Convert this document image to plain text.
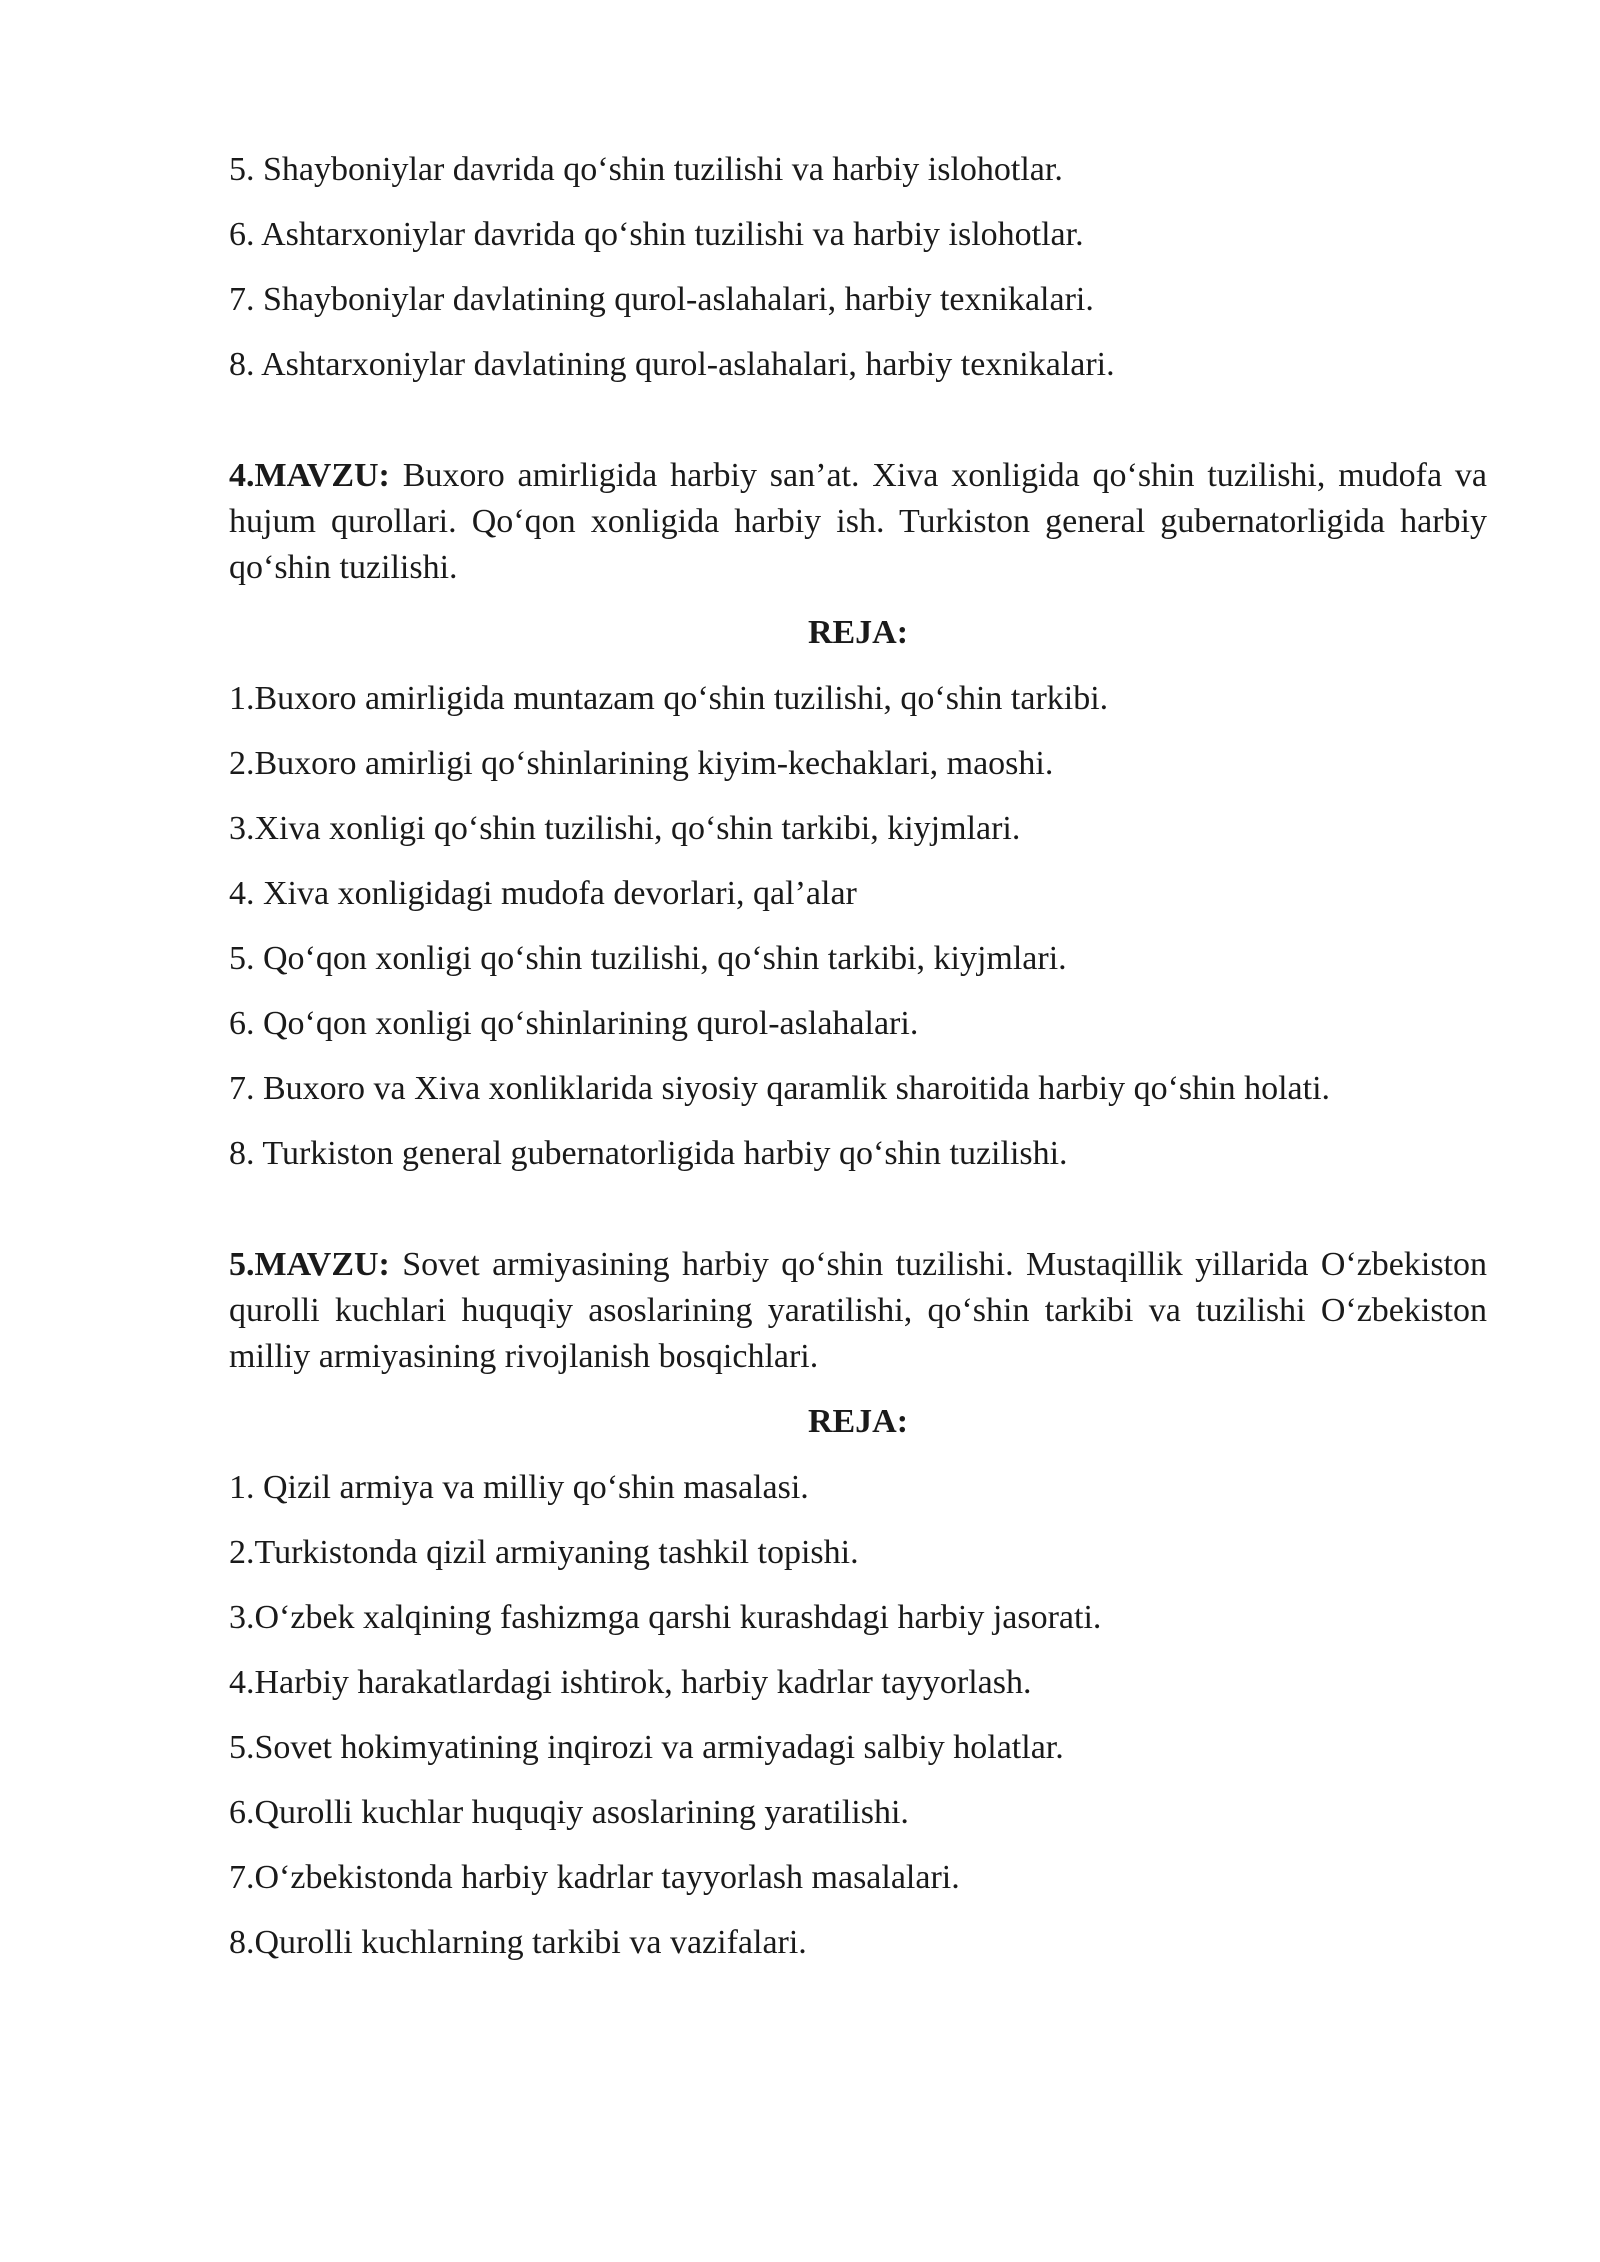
5. Shayboniylar davrida qo‘shin tuzilishi va harbiy islohotlar.
6. Ashtarxoniylar davrida qo‘shin tuzilishi va harbiy islohotlar.
7. Shayboniylar davlatining qurol-aslahalari, harbiy texnikalari.
8. Ashtarxoniylar davlatining qurol-aslahalari, harbiy texnikalari.

4.MAVZU: Buxoro amirligida harbiy san’at. Xiva xonligida qo‘shin tuzilishi, mudofa va hujum qurollari. Qo‘qon xonligida harbiy ish. Turkiston general gubernatorligida harbiy qo‘shin tuzilishi.

REJA:

1.Buxoro amirligida muntazam qo‘shin tuzilishi, qo‘shin tarkibi.
2.Buxoro amirligi qo‘shinlarining kiyim-kechaklari, maoshi.
3.Xiva xonligi qo‘shin tuzilishi, qo‘shin tarkibi, kiyjmlari.
4. Xiva xonligidagi mudofa devorlari, qal’alar
5. Qo‘qon xonligi qo‘shin tuzilishi, qo‘shin tarkibi, kiyjmlari.
6. Qo‘qon xonligi qo‘shinlarining qurol-aslahalari.
7. Buxoro va Xiva xonliklarida siyosiy qaramlik sharoitida harbiy qo‘shin holati.
8. Turkiston general gubernatorligida harbiy qo‘shin tuzilishi.

5.MAVZU: Sovet armiyasining harbiy qo‘shin tuzilishi. Mustaqillik yillarida O‘zbekiston qurolli kuchlari huquqiy asoslarining yaratilishi, qo‘shin tarkibi va tuzilishi O‘zbekiston milliy armiyasining rivojlanish bosqichlari.

REJA:

1. Qizil armiya va milliy qo‘shin masalasi.
2.Turkistonda qizil armiyaning tashkil topishi.
3.O‘zbek xalqining fashizmga qarshi kurashdagi harbiy jasorati.
4.Harbiy harakatlardagi ishtirok, harbiy kadrlar tayyorlash.
5.Sovet hokimyatining inqirozi va armiyadagi salbiy holatlar.
6.Qurolli kuchlar huquqiy asoslarining yaratilishi.
7.O‘zbekistonda harbiy kadrlar tayyorlash masalalari.
8.Qurolli kuchlarning tarkibi va vazifalari.
